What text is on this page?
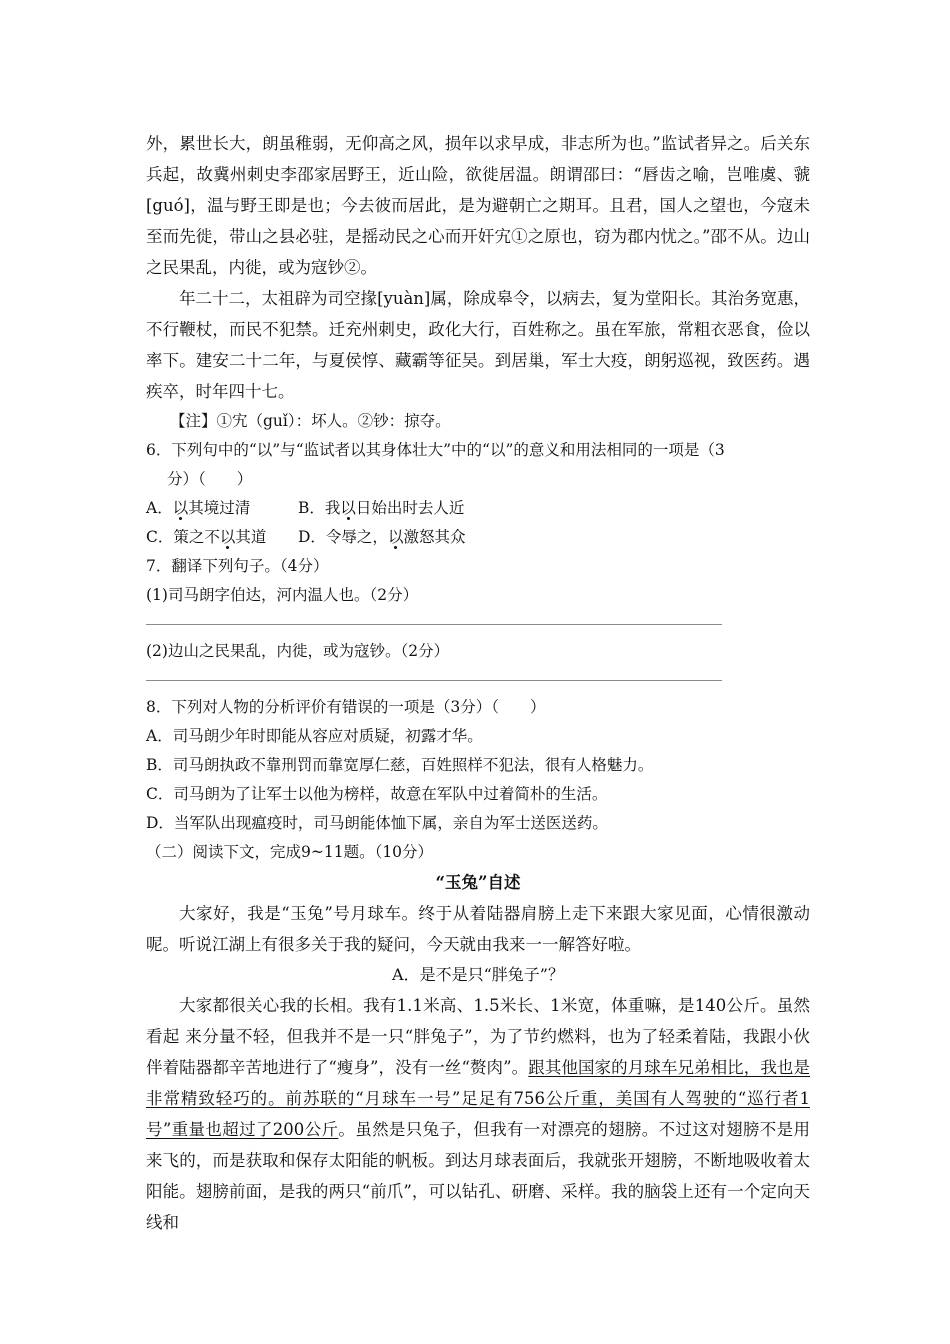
外，累世长大，朗虽稚弱，无仰高之风，损年以求早成，非志所为也。”监试者异之。后关东兵起，故冀州刺史李邵家居野王，近山险，欲徙居温。朗谓邵曰：“唇齿之喻，岂唯虞、虢[guó]，温与野王即是也；今去彼而居此，是为避朝亡之期耳。且君，国人之望也，今寇未至而先徙，带山之县必驻，是摇动民之心而开奸宄①之原也，窃为郡内忧之。”邵不从。边山之民果乱，内徙，或为寇钞②。

年二十二，太祖辟为司空掾[yuàn]属，除成皋令，以病去，复为堂阳长。其治务宽惠，不行鞭杖，而民不犯禁。迁充州刺史，政化大行，百姓称之。虽在军旅，常粗衣恶食，俭以率下。建安二十二年，与夏侯惇、藏霸等征吴。到居巢，军士大疫，朗躬巡视，致医药。遇疾卒，时年四十七。

【注】①宄（guǐ）：坏人。②钞：掠夺。

6．下列句中的“以”与“监试者以其身体壮大”中的“以”的意义和用法相同的一项是（3

分）（　　）

A．以其境过清	B．我以日始出时去人近
C．策之不以其道	D．令辱之，以激怒其众

7．翻译下列句子。（4分）

(1)司马朗字伯达，河内温人也。（2分）

(2)边山之民果乱，内徙，或为寇钞。（2分）

8．下列对人物的分析评价有错误的一项是（3分）（　　）

A．司马朗少年时即能从容应对质疑，初露才华。

B．司马朗执政不靠刑罚而靠宽厚仁慈，百姓照样不犯法，很有人格魅力。

C．司马朗为了让军士以他为榜样，故意在军队中过着简朴的生活。

D．当军队出现瘟疫时，司马朗能体恤下属，亲自为军士送医送药。

（二）阅读下文，完成9~11题。（10分）

“玉兔”自述

大家好，我是“玉兔”号月球车。终于从着陆器肩膀上走下来跟大家见面，心情很激动呢。听说江湖上有很多关于我的疑问，今天就由我来一一解答好啦。

A．是不是只“胖兔子”？

大家都很关心我的长相。我有1.1米高、1.5米长、1米宽，体重嘛，是140公斤。虽然看起 来分量不轻，但我并不是一只“胖兔子”，为了节约燃料，也为了轻柔着陆，我跟小伙伴着陆器都辛苦地进行了“瘦身”，没有一丝“赘肉”。跟其他国家的月球车兄弟相比，我也是非常精致轻巧的。前苏联的“月球车一号”足足有756公斤重，美国有人驾驶的“巡行者1号”重量也超过了200公斤。虽然是只兔子，但我有一对漂亮的翅膀。不过这对翅膀不是用来飞的，而是获取和保存太阳能的帆板。到达月球表面后，我就张开翅膀，不断地吸收着太阳能。翅膀前面，是我的两只“前爪”，可以钻孔、研磨、采样。我的脑袋上还有一个定向天线和
